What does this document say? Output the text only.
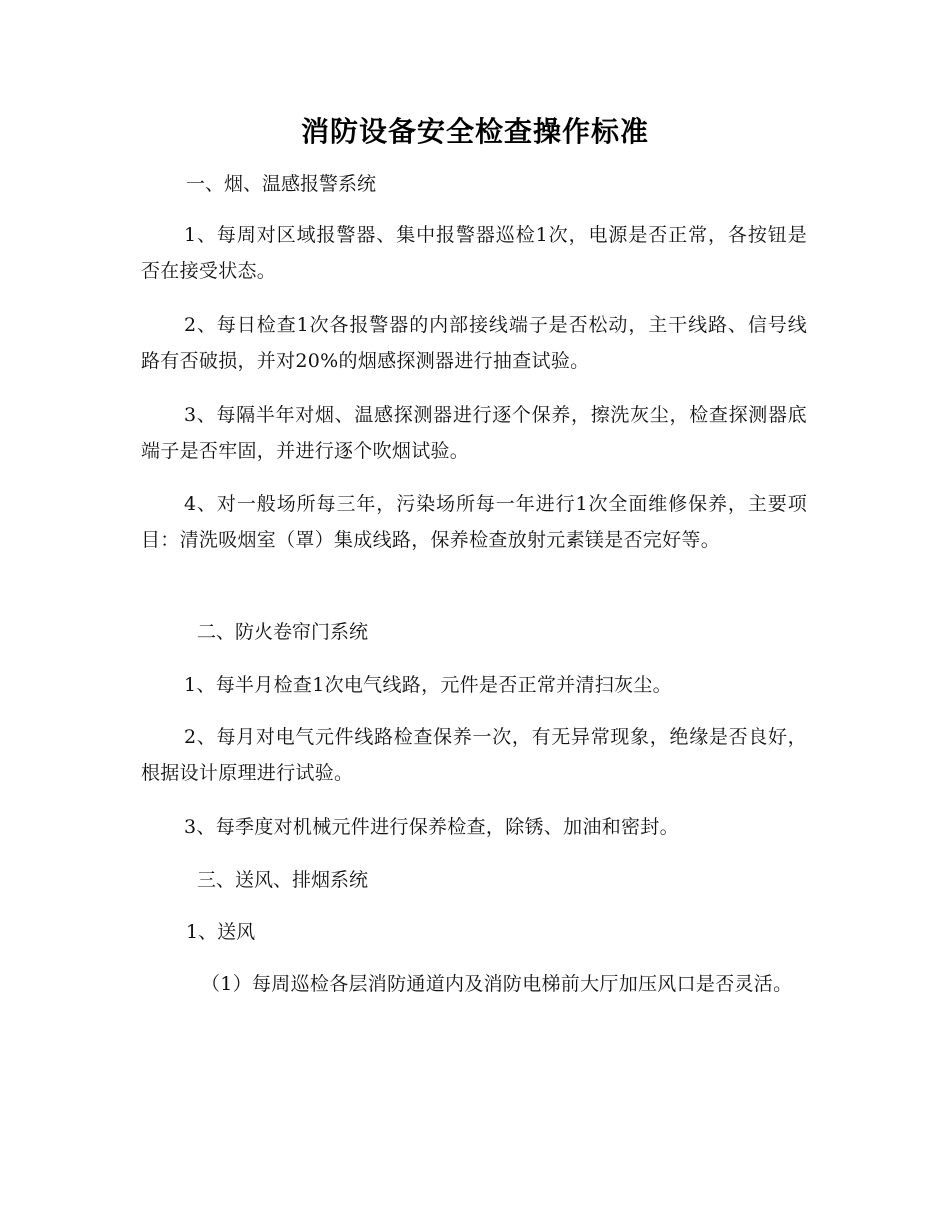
消防设备安全检查操作标准
一、烟、温感报警系统
1、每周对区域报警器、集中报警器巡检1次，电源是否正常，各按钮是否在接受状态。
2、每日检查1次各报警器的内部接线端子是否松动，主干线路、信号线路有否破损，并对20%的烟感探测器进行抽查试验。
3、每隔半年对烟、温感探测器进行逐个保养，擦洗灰尘，检查探测器底端子是否牢固，并进行逐个吹烟试验。
4、对一般场所每三年，污染场所每一年进行1次全面维修保养，主要项目：清洗吸烟室（罩）集成线路，保养检查放射元素镁是否完好等。
二、防火卷帘门系统
1、每半月检查1次电气线路，元件是否正常并清扫灰尘。
2、每月对电气元件线路检查保养一次，有无异常现象，绝缘是否良好，根据设计原理进行试验。
3、每季度对机械元件进行保养检查，除锈、加油和密封。
三、送风、排烟系统
1、送风
（1）每周巡检各层消防通道内及消防电梯前大厅加压风口是否灵活。
